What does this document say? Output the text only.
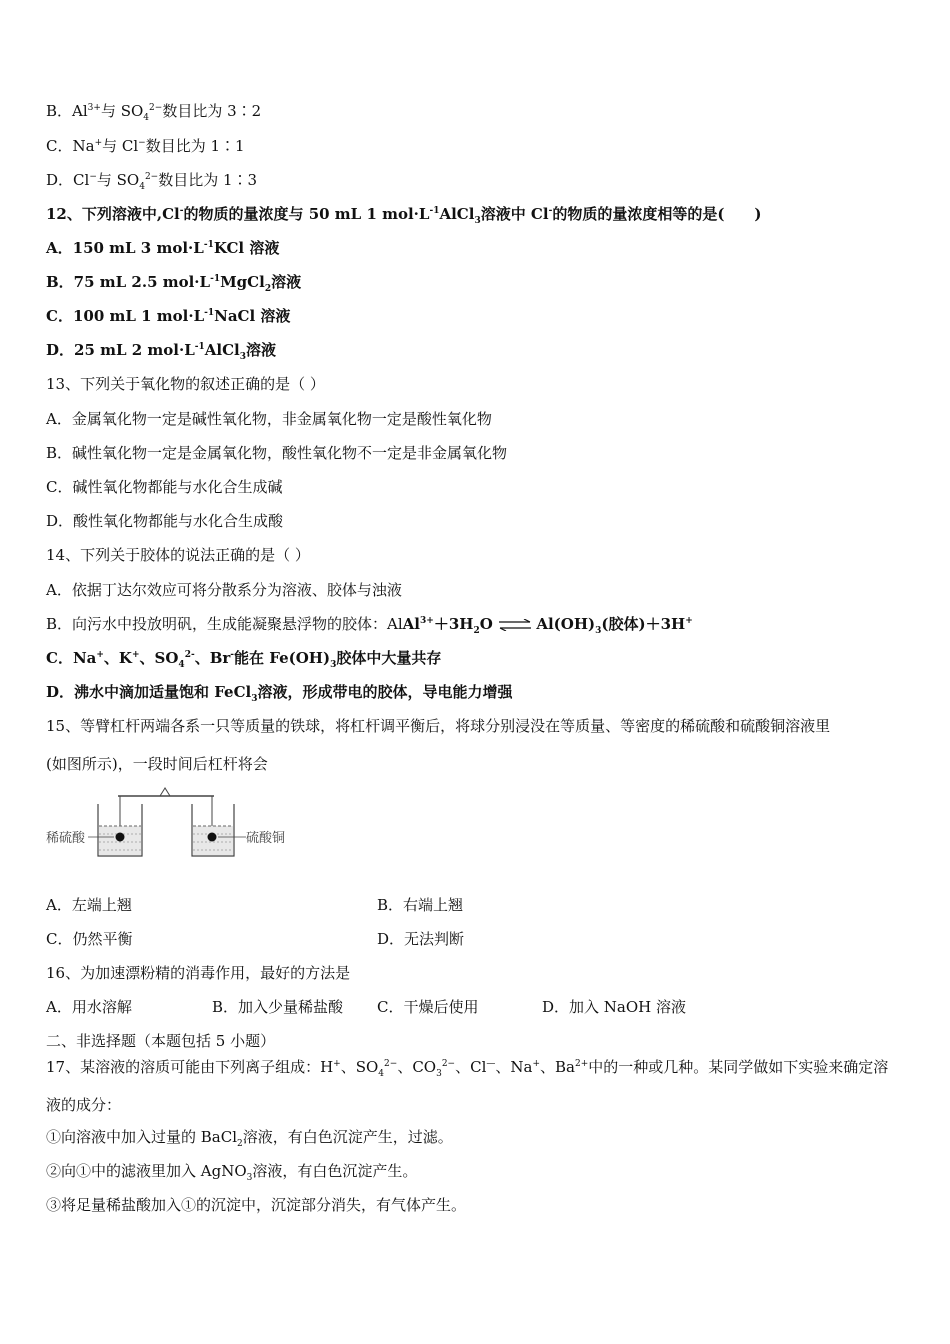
B．$Al^{3+}$与 $SO_4^{2-}$数目比为 3∶2
C．Na+与 Cl−数目比为 1∶1
D．Cl−与 $SO_4^{2-}$数目比为 1∶3
12、下列溶液中,Cl-的物质的量浓度与 50 mL 1 $mol\cdot L^{-1}AlCl_3$溶液中 Cl-的物质的量浓度相等的是(　　)
A．150 mL 3 $mol\cdot L^{-1}KCl$ 溶液
B．75 mL 2.5 $mol\cdot L^{-1}MgCl_2$溶液
C．100 mL 1 $mol\cdot L^{-1}NaCl$ 溶液
D．25 mL 2 $mol\cdot L^{-1}AlCl_3$溶液
13、下列关于氧化物的叙述正确的是（ ）
A．金属氧化物一定是碱性氧化物，非金属氧化物一定是酸性氧化物
B．碱性氧化物一定是金属氧化物，酸性氧化物不一定是非金属氧化物
C．碱性氧化物都能与水化合生成碱
D．酸性氧化物都能与水化合生成酸
14、下列关于胶体的说法正确的是（ ）
A．依据丁达尔效应可将分散系分为溶液、胶体与浊液
B．向污水中投放明矾，生成能凝聚悬浮物的胶体：$AlAl^{3+}+3H_2O$ ⇌ $Al(OH)_3$(胶体)＋3H+
C．Na+、K+、$SO_4^{2-}$、Br-能在 $Fe(OH)_3$胶体中大量共存
D．沸水中滴加适量饱和 FeCl$_3$溶液，形成带电的胶体，导电能力增强
15、等臂杠杆两端各系一只等质量的铁球，将杠杆调平衡后，将球分别浸没在等质量、等密度的稀硫酸和硫酸铜溶液里
(如图所示)，一段时间后杠杆将会
稀硫酸	硫酸铜
A．左端上翘	B．右端上翘
C．仍然平衡	D．无法判断
16、为加速漂粉精的消毒作用，最好的方法是
A．用水溶解	B．加入少量稀盐酸 C．干燥后使用	D．加入 NaOH 溶液
二、非选择题（本题包括 5 小题）
17、某溶液的溶质可能由下列离子组成：H+、$SO_4^{2-}$、$CO_3^{2-}$、Cl—、Na+、$Ba^{2+}$中的一种或几种。某同学做如下实验来确定溶
液的成分：
①向溶液中加入过量的 BaCl$_2$溶液，有白色沉淀产生，过滤。
②向①中的滤液里加入 AgNO$_3$溶液，有白色沉淀产生。
③将足量稀盐酸加入①的沉淀中，沉淀部分消失，有气体产生。
